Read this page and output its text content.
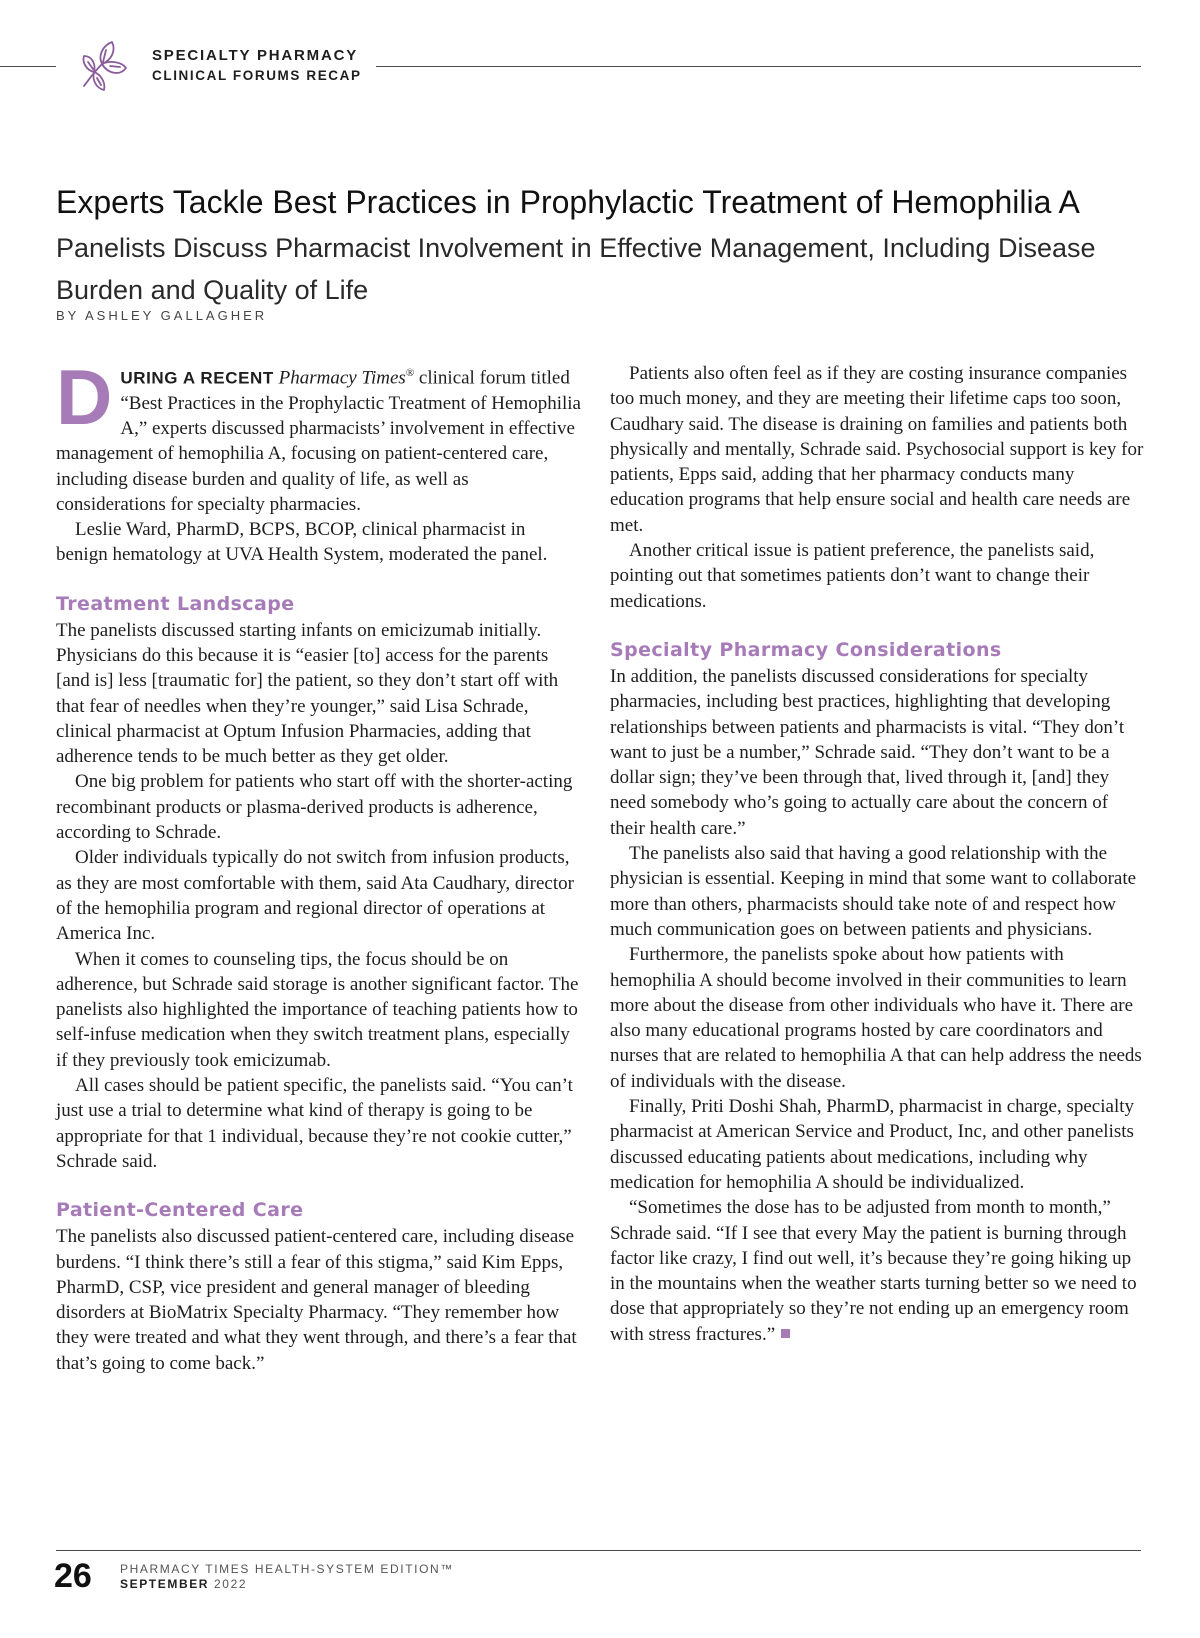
SPECIALTY PHARMACY
CLINICAL FORUMS RECAP
Experts Tackle Best Practices in Prophylactic Treatment of Hemophilia A
Panelists Discuss Pharmacist Involvement in Effective Management, Including Disease Burden and Quality of Life
BY ASHLEY GALLAGHER

DURING A RECENT Pharmacy Times® clinical forum titled “Best Practices in the Prophylactic Treatment of Hemophilia A,” experts discussed pharmacists’ involvement in effective management of hemophilia A, focusing on patient-centered care, including disease burden and quality of life, as well as considerations for specialty pharmacies.

Leslie Ward, PharmD, BCPS, BCOP, clinical pharmacist in benign hematology at UVA Health System, moderated the panel.

Treatment Landscape

The panelists discussed starting infants on emicizumab initially. Physicians do this because it is “easier [to] access for the parents [and is] less [traumatic for] the patient, so they don’t start off with that fear of needles when they’re younger,” said Lisa Schrade, clinical pharmacist at Optum Infusion Pharmacies, adding that adherence tends to be much better as they get older.

One big problem for patients who start off with the shorter-acting recombinant products or plasma-derived products is adherence, according to Schrade.

Older individuals typically do not switch from infusion products, as they are most comfortable with them, said Ata Caudhary, director of the hemophilia program and regional director of operations at America Inc.

When it comes to counseling tips, the focus should be on adherence, but Schrade said storage is another significant factor. The panelists also highlighted the importance of teaching patients how to self-infuse medication when they switch treatment plans, especially if they previously took emicizumab.

All cases should be patient specific, the panelists said. “You can’t just use a trial to determine what kind of therapy is going to be appropriate for that 1 individual, because they’re not cookie cutter,” Schrade said.

Patient-Centered Care

The panelists also discussed patient-centered care, including disease burdens. “I think there’s still a fear of this stigma,” said Kim Epps, PharmD, CSP, vice president and general manager of bleeding disorders at BioMatrix Specialty Pharmacy. “They remember how they were treated and what they went through, and there’s a fear that that’s going to come back.”

Patients also often feel as if they are costing insurance companies too much money, and they are meeting their lifetime caps too soon, Caudhary said. The disease is draining on families and patients both physically and mentally, Schrade said. Psychosocial support is key for patients, Epps said, adding that her pharmacy conducts many education programs that help ensure social and health care needs are met.

Another critical issue is patient preference, the panelists said, pointing out that sometimes patients don’t want to change their medications.

Specialty Pharmacy Considerations

In addition, the panelists discussed considerations for specialty pharmacies, including best practices, highlighting that developing relationships between patients and pharmacists is vital. “They don’t want to just be a number,” Schrade said. “They don’t want to be a dollar sign; they’ve been through that, lived through it, [and] they need somebody who’s going to actually care about the concern of their health care.”

The panelists also said that having a good relationship with the physician is essential. Keeping in mind that some want to collaborate more than others, pharmacists should take note of and respect how much communication goes on between patients and physicians.

Furthermore, the panelists spoke about how patients with hemophilia A should become involved in their communities to learn more about the disease from other individuals who have it. There are also many educational programs hosted by care coordinators and nurses that are related to hemophilia A that can help address the needs of individuals with the disease.

Finally, Priti Doshi Shah, PharmD, pharmacist in charge, specialty pharmacist at American Service and Product, Inc, and other panelists discussed educating patients about medications, including why medication for hemophilia A should be individualized.

“Sometimes the dose has to be adjusted from month to month,” Schrade said. “If I see that every May the patient is burning through factor like crazy, I find out well, it’s because they’re going hiking up in the mountains when the weather starts turning better so we need to dose that appropriately so they’re not ending up an emergency room with stress fractures.”

26 PHARMACY TIMES HEALTH-SYSTEM EDITION™
SEPTEMBER 2022
